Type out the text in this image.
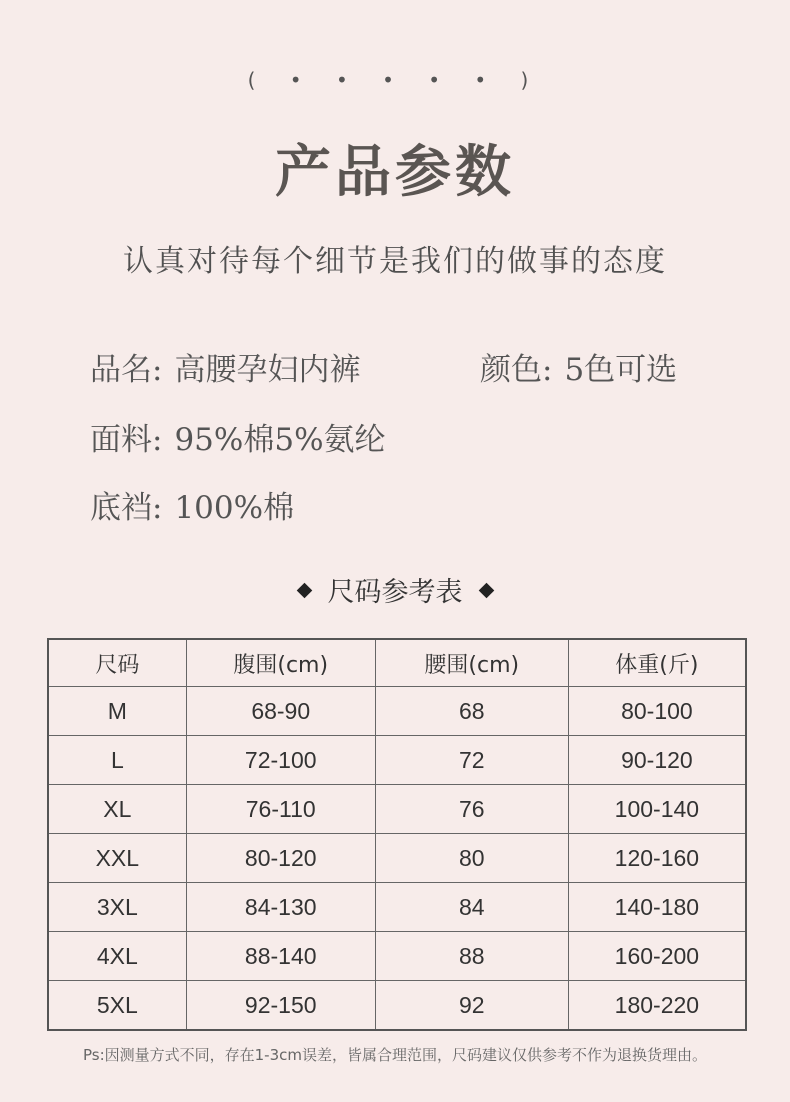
( • • • • • )
产品参数
认真对待每个细节是我们的做事的态度
品名: 高腰孕妇内裤	颜色: 5色可选
面料: 95%棉5%氨纶
底裆: 100%棉
尺码参考表
尺码	腹围(cm)	腰围(cm)	体重(斤)
M	68-90	68	80-100
L	72-100	72	90-120
XL	76-110	76	100-140
XXL	80-120	80	120-160
3XL	84-130	84	140-180
4XL	88-140	88	160-200
5XL	92-150	92	180-220
Ps:因测量方式不同，存在1-3cm误差，皆属合理范围，尺码建议仅供参考不作为退换货理由。
